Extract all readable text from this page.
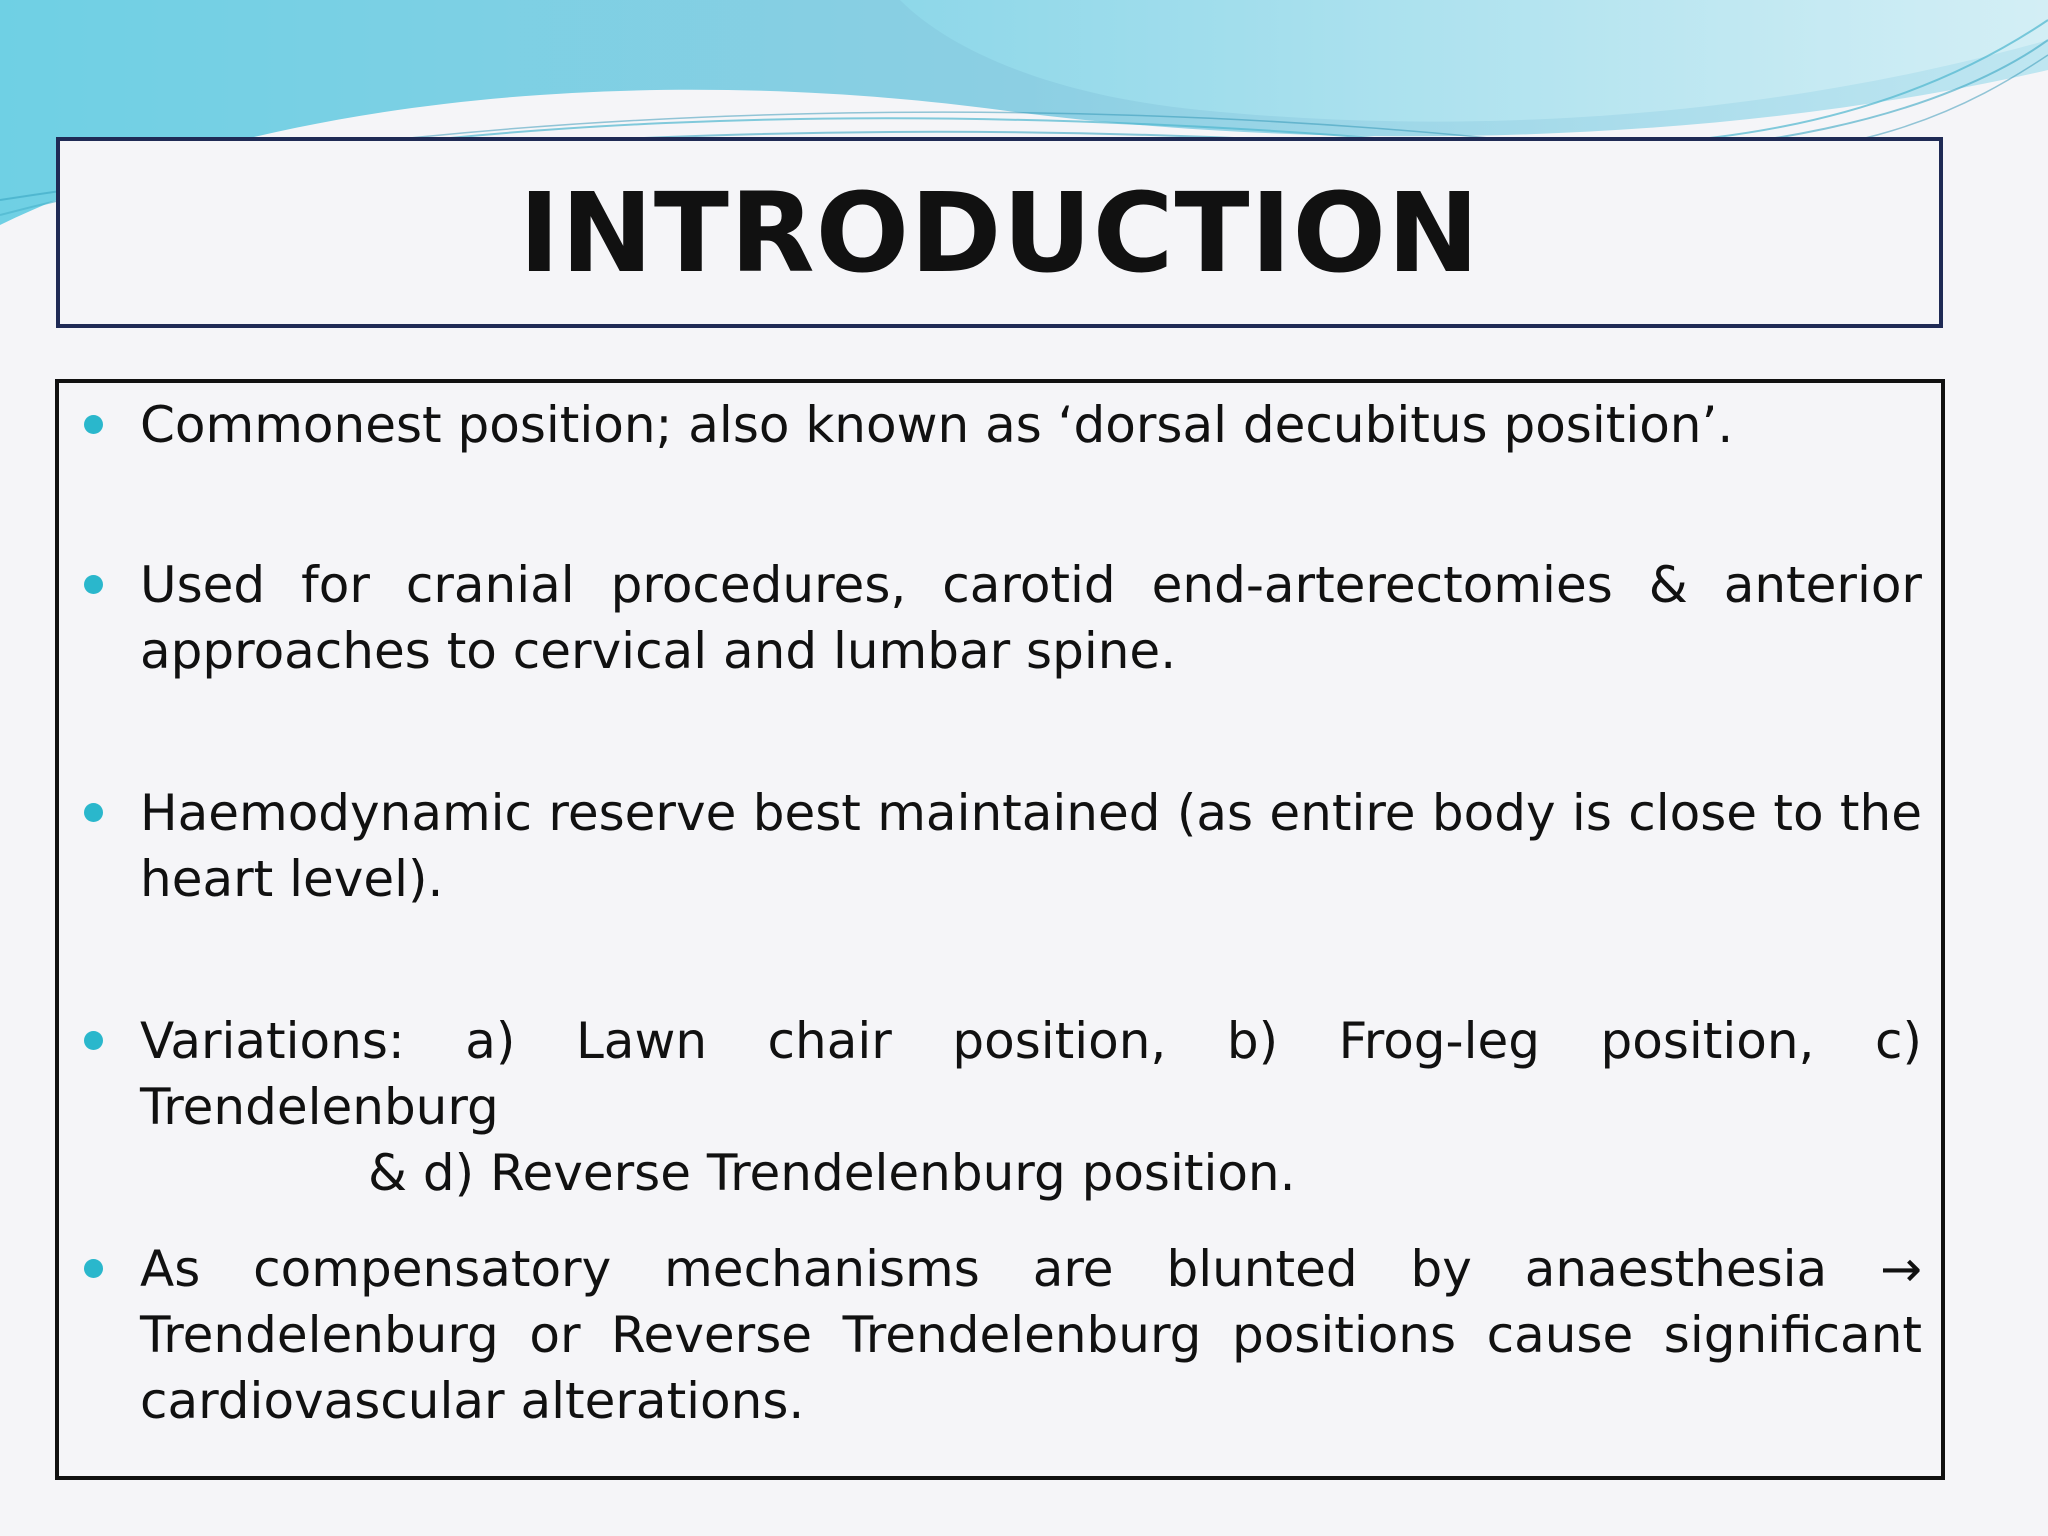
INTRODUCTION
Commonest position; also known as ‘dorsal decubitus position’.
Used for cranial procedures, carotid end-arterectomies & anterior approaches to cervical and lumbar spine.
Haemodynamic reserve best maintained (as entire body is close to the heart level).
Variations: a) Lawn chair position, b) Frog-leg position, c) Trendelenburg
& d) Reverse Trendelenburg position.
As compensatory mechanisms are blunted by anaesthesia → Trendelenburg or Reverse Trendelenburg positions cause significant cardiovascular alterations.
